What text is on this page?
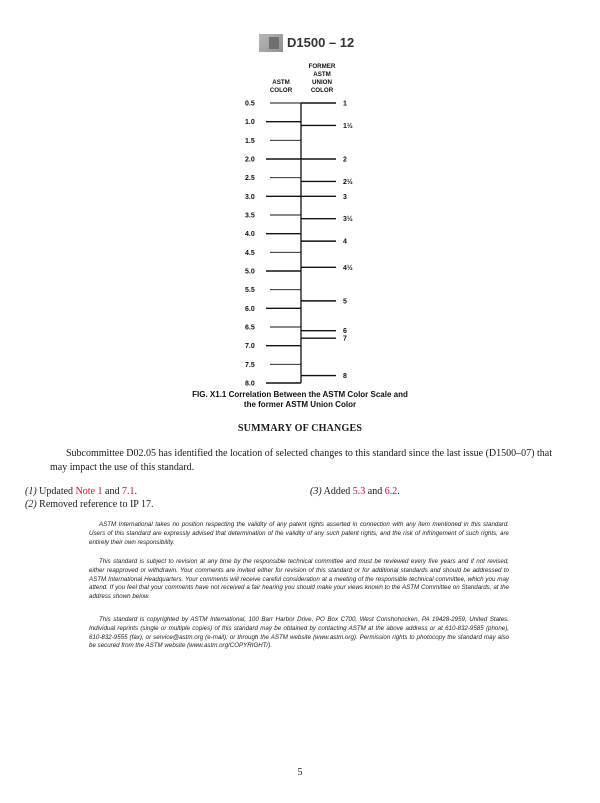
D1500 – 12
ASTM
COLOR
FORMER
ASTM
UNION
COLOR
0.5
1.0
1.5
2.0
2.5
3.0
3.5
4.0
4.5
5.0
5.5
6.0
6.5
7.0
7.5
8.0
1
1½
2
2½
3
3½
4
4½
5
6
7
8
FIG. X1.1 Correlation Between the ASTM Color Scale and
the former ASTM Union Color
SUMMARY OF CHANGES

Subcommittee D02.05 has identified the location of selected changes to this standard since the last issue (D1500–07) that may impact the use of this standard.

(1) Updated Note 1 and 7.1.
(2) Removed reference to IP 17.
(3) Added 5.3 and 6.2.

ASTM International takes no position respecting the validity of any patent rights asserted in connection with any item mentioned in this standard. Users of this standard are expressly advised that determination of the validity of any such patent rights, and the risk of infringement of such rights, are entirely their own responsibility.

This standard is subject to revision at any time by the responsible technical committee and must be reviewed every five years and if not revised, either reapproved or withdrawn. Your comments are invited either for revision of this standard or for additional standards and should be addressed to ASTM International Headquarters. Your comments will receive careful consideration at a meeting of the responsible technical committee, which you may attend. If you feel that your comments have not received a fair hearing you should make your views known to the ASTM Committee on Standards, at the address shown below.

This standard is copyrighted by ASTM International, 100 Barr Harbor Drive, PO Box C700, West Conshohocken, PA 19428-2959, United States. Individual reprints (single or multiple copies) of this standard may be obtained by contacting ASTM at the above address or at 610-832-9585 (phone), 610-832-9555 (fax), or service@astm.org (e-mail); or through the ASTM website (www.astm.org). Permission rights to photocopy the standard may also be secured from the ASTM website (www.astm.org/COPYRIGHT/).

5
